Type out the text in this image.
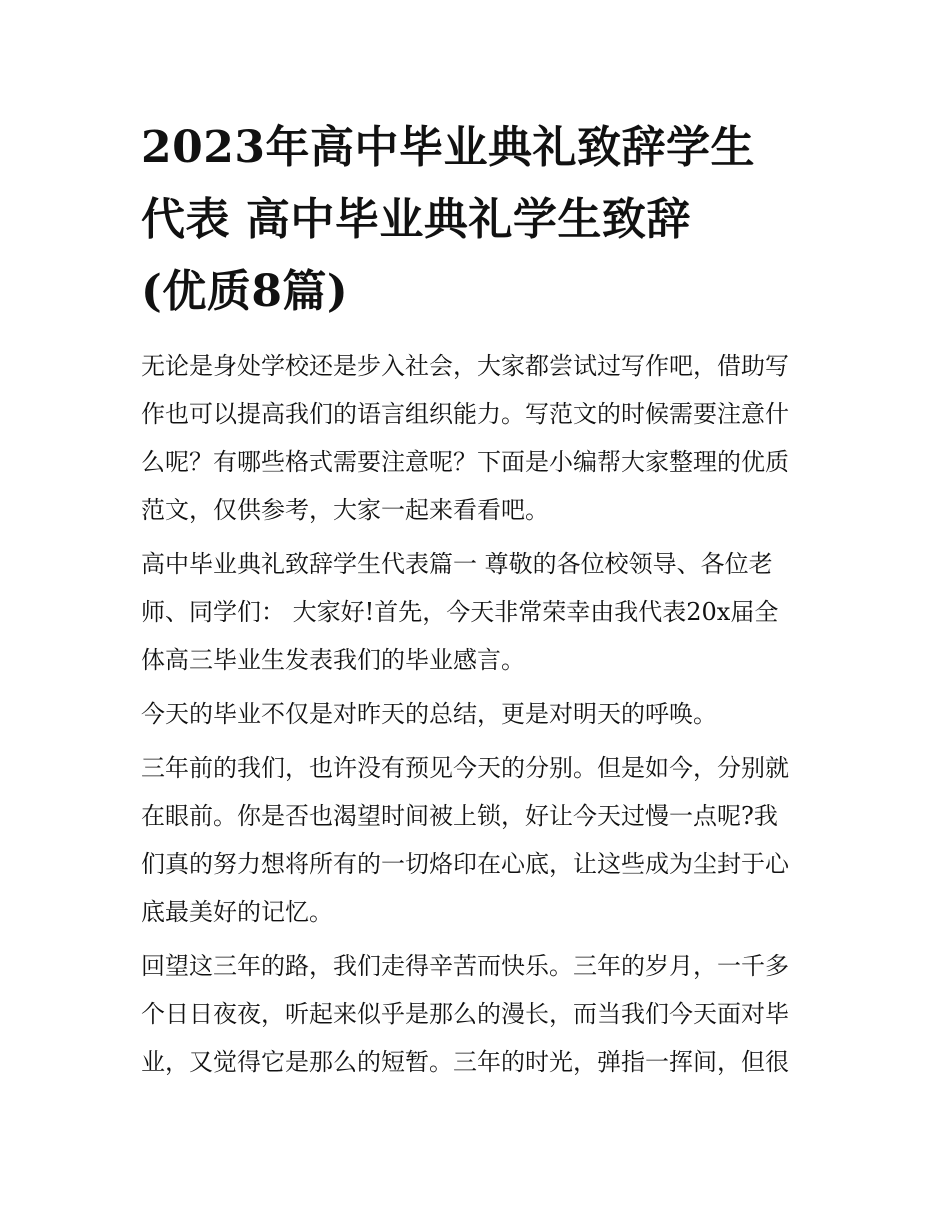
2023年高中毕业典礼致辞学生
代表 高中毕业典礼学生致辞
(优质8篇)

无论是身处学校还是步入社会，大家都尝试过写作吧，借助写
作也可以提高我们的语言组织能力。写范文的时候需要注意什
么呢？有哪些格式需要注意呢？下面是小编帮大家整理的优质
范文，仅供参考，大家一起来看看吧。

高中毕业典礼致辞学生代表篇一 尊敬的各位校领导、各位老
师、同学们： 大家好!首先，今天非常荣幸由我代表20x届全
体高三毕业生发表我们的毕业感言。

今天的毕业不仅是对昨天的总结，更是对明天的呼唤。

三年前的我们，也许没有预见今天的分别。但是如今，分别就
在眼前。你是否也渴望时间被上锁，好让今天过慢一点呢?我
们真的努力想将所有的一切烙印在心底，让这些成为尘封于心
底最美好的记忆。

回望这三年的路，我们走得辛苦而快乐。三年的岁月，一千多
个日日夜夜，听起来似乎是那么的漫长，而当我们今天面对毕
业，又觉得它是那么的短暂。三年的时光，弹指一挥间，但很
